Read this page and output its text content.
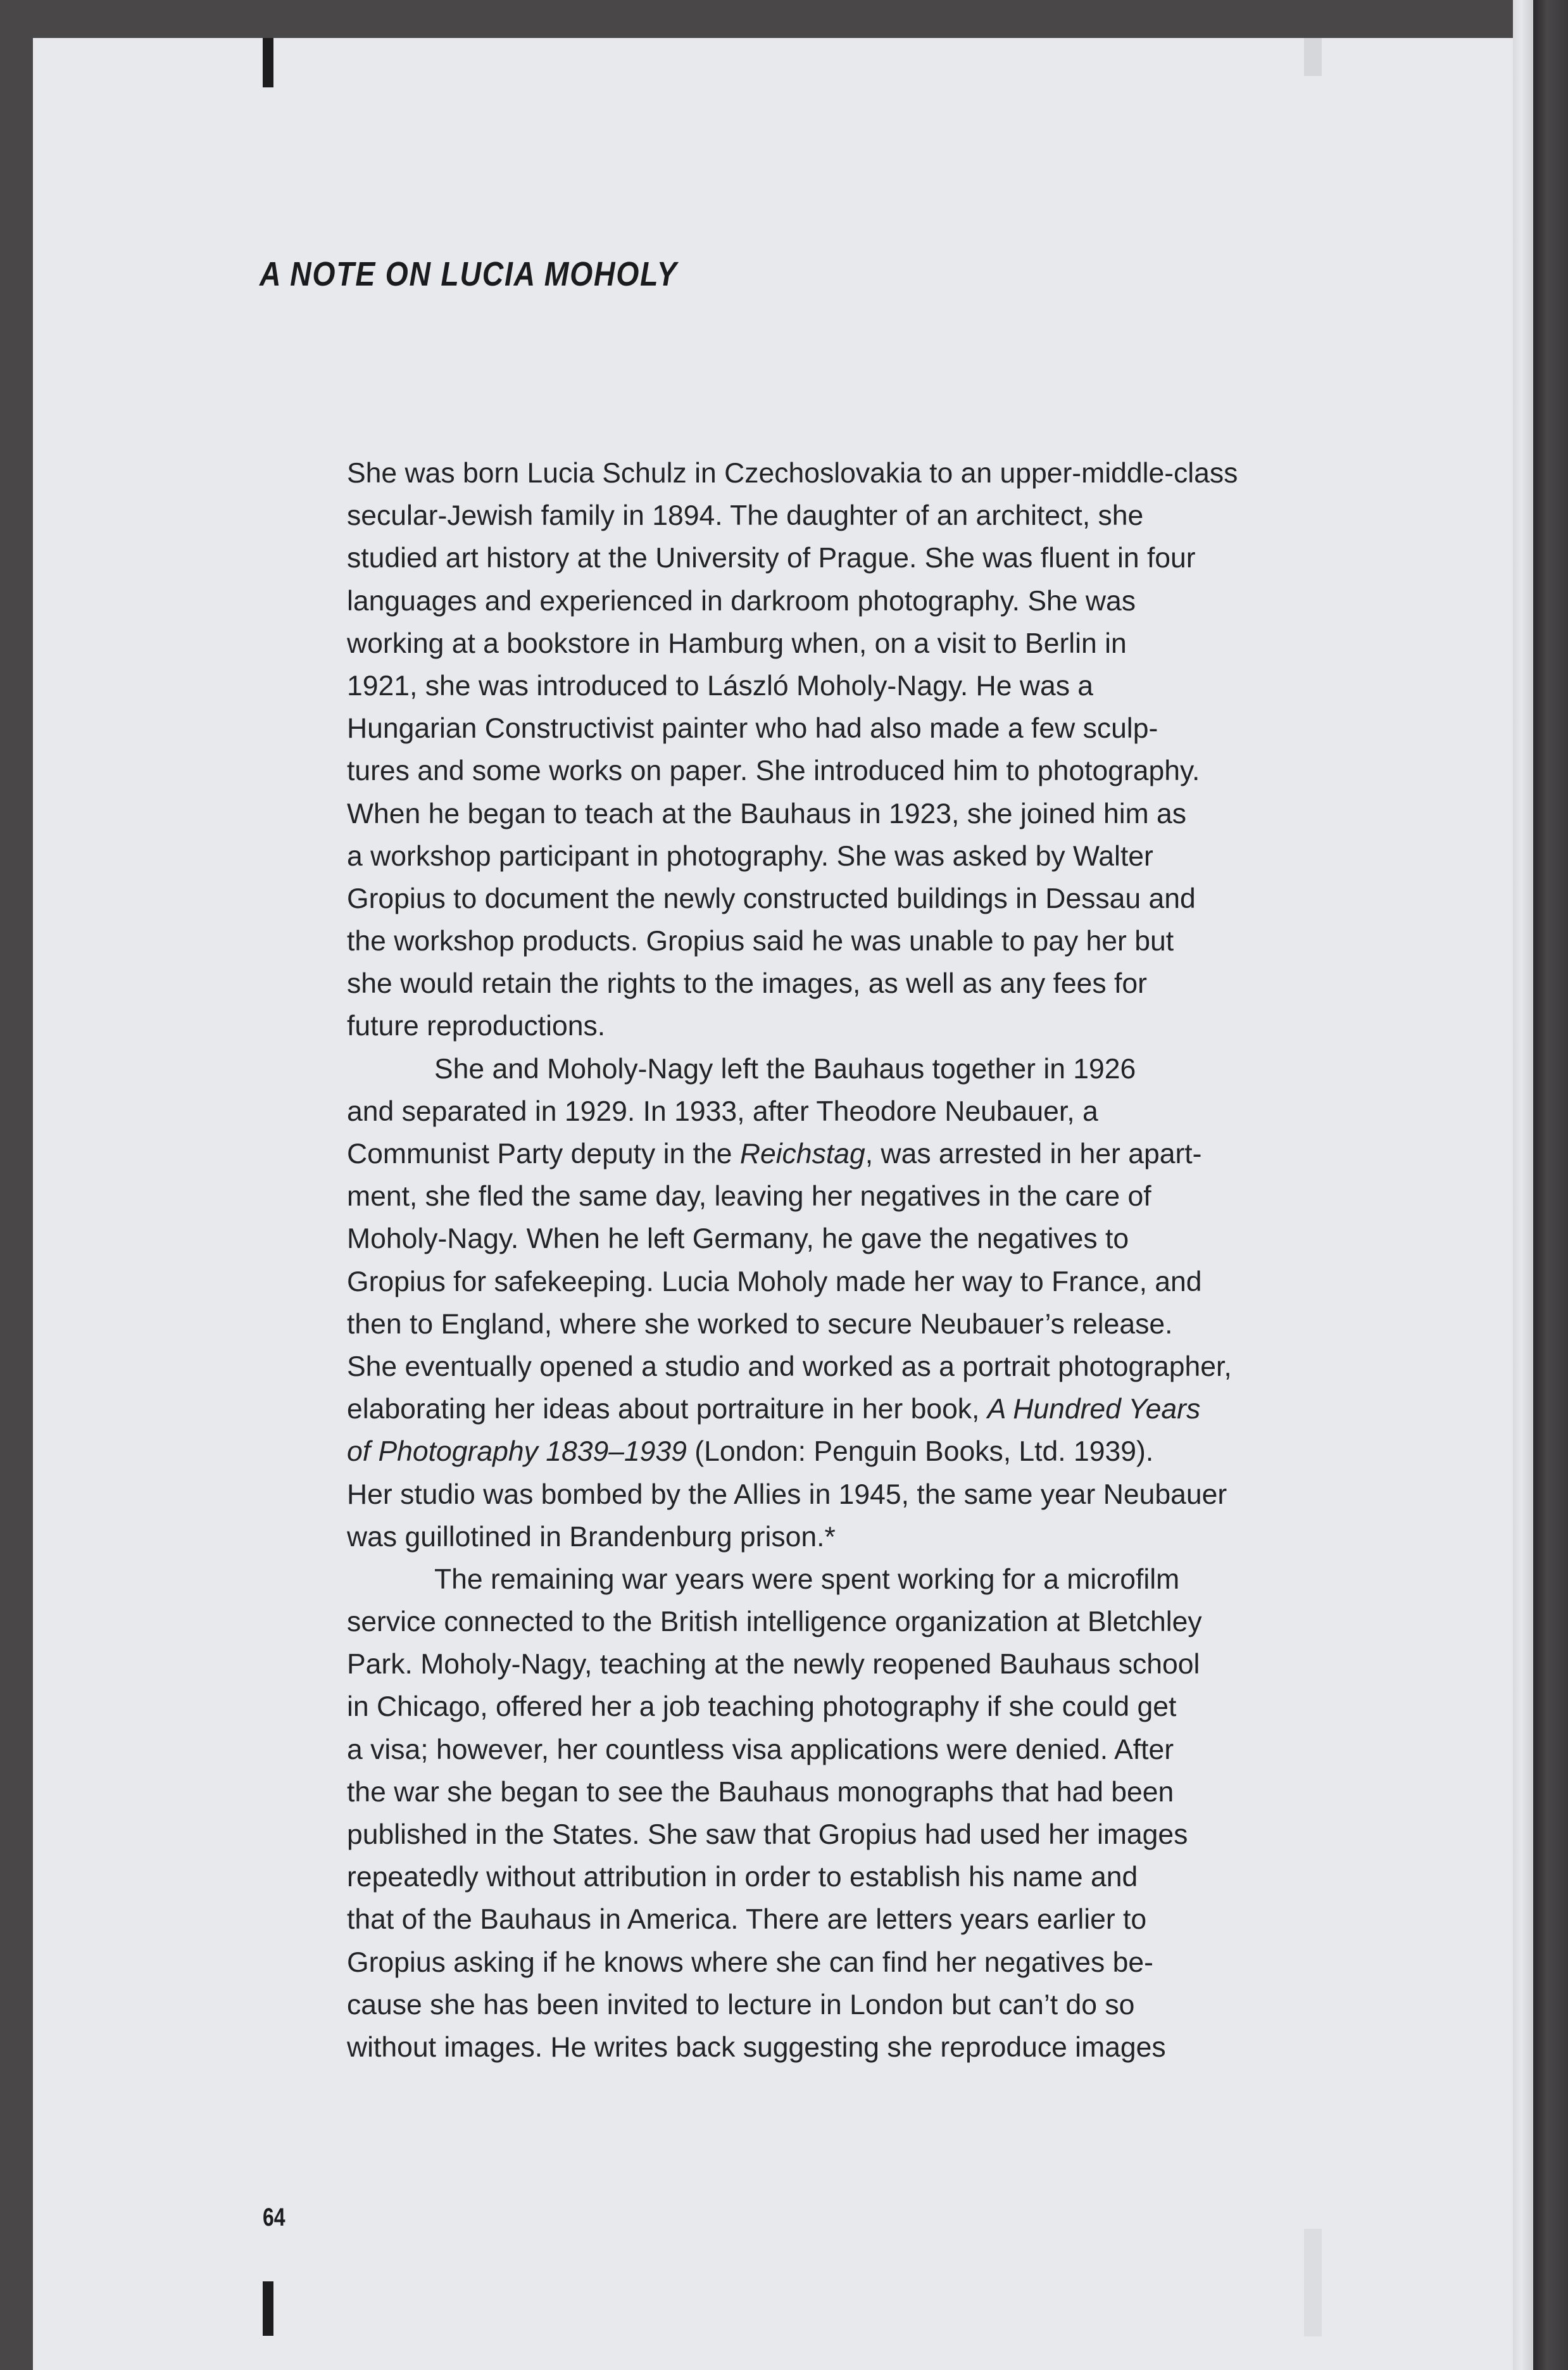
A NOTE ON LUCIA MOHOLY
She was born Lucia Schulz in Czechoslovakia to an upper-middle-class
secular-Jewish family in 1894. The daughter of an architect, she
studied art history at the University of Prague. She was fluent in four
languages and experienced in darkroom photography. She was
working at a bookstore in Hamburg when, on a visit to Berlin in
1921, she was introduced to László Moholy-Nagy. He was a
Hungarian Constructivist painter who had also made a few sculp-
tures and some works on paper. She introduced him to photography.
When he began to teach at the Bauhaus in 1923, she joined him as
a workshop participant in photography. She was asked by Walter
Gropius to document the newly constructed buildings in Dessau and
the workshop products. Gropius said he was unable to pay her but
she would retain the rights to the images, as well as any fees for
future reproductions.
She and Moholy-Nagy left the Bauhaus together in 1926
and separated in 1929. In 1933, after Theodore Neubauer, a
Communist Party deputy in the Reichstag, was arrested in her apart-
ment, she fled the same day, leaving her negatives in the care of
Moholy-Nagy. When he left Germany, he gave the negatives to
Gropius for safekeeping. Lucia Moholy made her way to France, and
then to England, where she worked to secure Neubauer’s release.
She eventually opened a studio and worked as a portrait photographer,
elaborating her ideas about portraiture in her book, A Hundred Years
of Photography 1839–1939 (London: Penguin Books, Ltd. 1939).
Her studio was bombed by the Allies in 1945, the same year Neubauer
was guillotined in Brandenburg prison.*
The remaining war years were spent working for a microfilm
service connected to the British intelligence organization at Bletchley
Park. Moholy-Nagy, teaching at the newly reopened Bauhaus school
in Chicago, offered her a job teaching photography if she could get
a visa; however, her countless visa applications were denied. After
the war she began to see the Bauhaus monographs that had been
published in the States. She saw that Gropius had used her images
repeatedly without attribution in order to establish his name and
that of the Bauhaus in America. There are letters years earlier to
Gropius asking if he knows where she can find her negatives be-
cause she has been invited to lecture in London but can’t do so
without images. He writes back suggesting she reproduce images
64
